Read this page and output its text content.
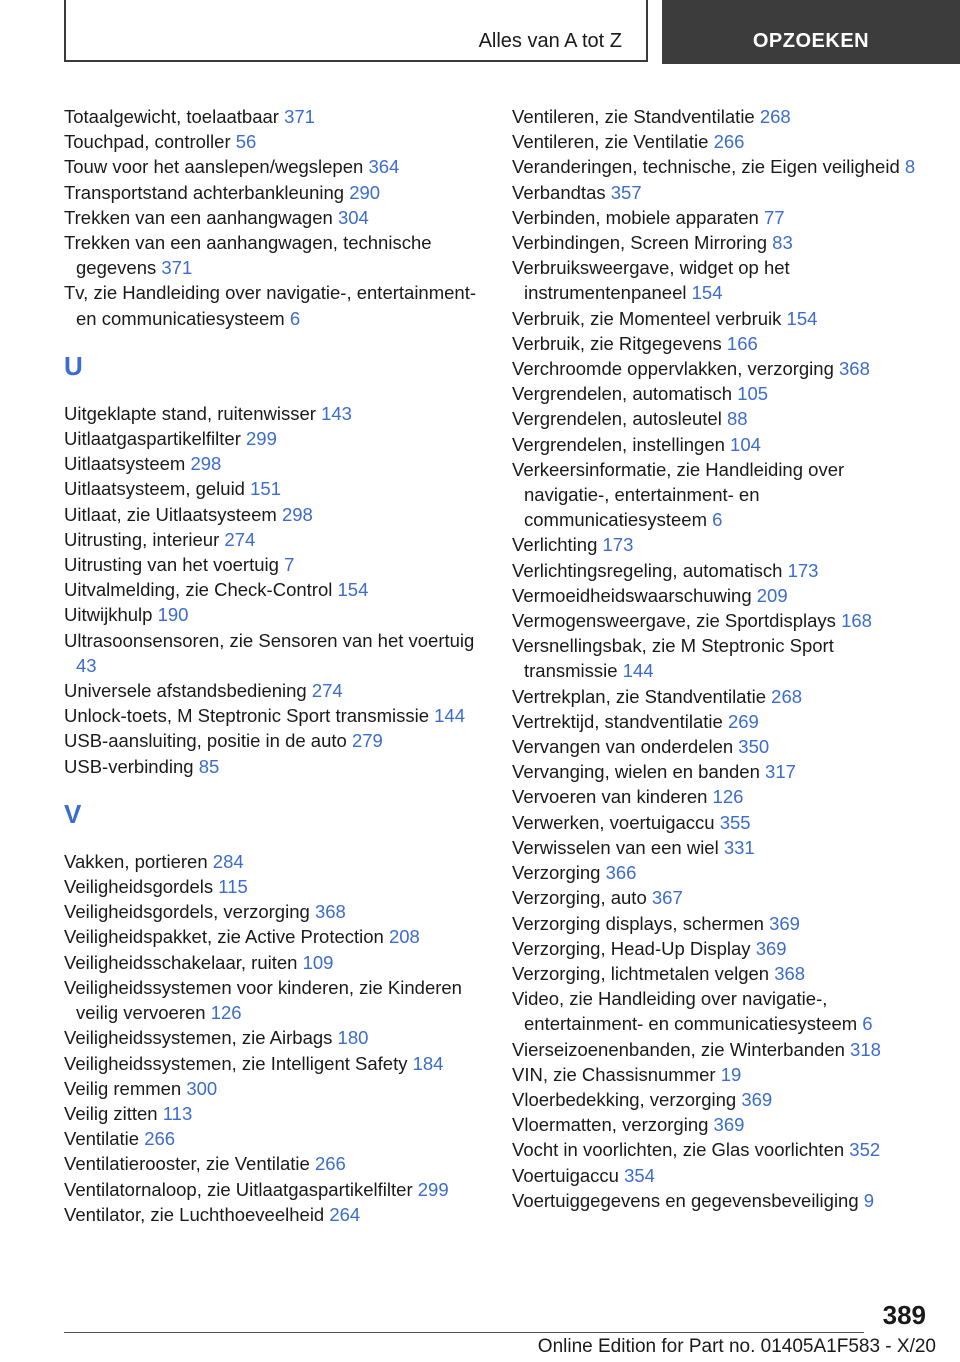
Alles van A tot Z	OPZOEKEN
Totaalgewicht, toelaatbaar 371
Touchpad, controller 56
Touw voor het aanslepen/wegslepen 364
Transportstand achterbankleuning 290
Trekken van een aanhangwagen 304
Trekken van een aanhangwagen, technische gegevens 371
Tv, zie Handleiding over navigatie-, entertainment- en communicatiesysteem 6
U
Uitgeklapte stand, ruitenwisser 143
Uitlaatgaspartikelfilter 299
Uitlaatsysteem 298
Uitlaatsysteem, geluid 151
Uitlaat, zie Uitlaatsysteem 298
Uitrusting, interieur 274
Uitrusting van het voertuig 7
Uitvalmelding, zie Check-Control 154
Uitwijkhulp 190
Ultrasoonsensoren, zie Sensoren van het voertuig 43
Universele afstandsbediening 274
Unlock-toets, M Steptronic Sport transmissie 144
USB-aansluiting, positie in de auto 279
USB-verbinding 85
V
Vakken, portieren 284
Veiligheidsgordels 115
Veiligheidsgordels, verzorging 368
Veiligheidspakket, zie Active Protection 208
Veiligheidsschakelaar, ruiten 109
Veiligheidssystemen voor kinderen, zie Kinderen veilig vervoeren 126
Veiligheidssystemen, zie Airbags 180
Veiligheidssystemen, zie Intelligent Safety 184
Veilig remmen 300
Veilig zitten 113
Ventilatie 266
Ventilatierooster, zie Ventilatie 266
Ventilatornaloop, zie Uitlaatgaspartikelfilter 299
Ventilator, zie Luchthoeveelheid 264
Ventileren, zie Standventilatie 268
Ventileren, zie Ventilatie 266
Veranderingen, technische, zie Eigen veiligheid 8
Verbandtas 357
Verbinden, mobiele apparaten 77
Verbindingen, Screen Mirroring 83
Verbruiksweergave, widget op het instrumentenpaneel 154
Verbruik, zie Momenteel verbruik 154
Verbruik, zie Ritgegevens 166
Verchroomde oppervlakken, verzorging 368
Vergrendelen, automatisch 105
Vergrendelen, autosleutel 88
Vergrendelen, instellingen 104
Verkeersinformatie, zie Handleiding over navigatie-, entertainment- en communicatiesysteem 6
Verlichting 173
Verlichtingsregeling, automatisch 173
Vermoeidheidswaarschuwing 209
Vermogensweergave, zie Sportdisplays 168
Versnellingsbak, zie M Steptronic Sport transmissie 144
Vertrekplan, zie Standventilatie 268
Vertrektijd, standventilatie 269
Vervangen van onderdelen 350
Vervanging, wielen en banden 317
Vervoeren van kinderen 126
Verwerken, voertuigaccu 355
Verwisselen van een wiel 331
Verzorging 366
Verzorging, auto 367
Verzorging displays, schermen 369
Verzorging, Head-Up Display 369
Verzorging, lichtmetalen velgen 368
Video, zie Handleiding over navigatie-, entertainment- en communicatiesysteem 6
Vierseizoenenbanden, zie Winterbanden 318
VIN, zie Chassisnummer 19
Vloerbedekking, verzorging 369
Vloermatten, verzorging 369
Vocht in voorlichten, zie Glas voorlichten 352
Voertuigaccu 354
Voertuiggegevens en gegevensbeveiliging 9
389
Online Edition for Part no. 01405A1F583 - X/20
